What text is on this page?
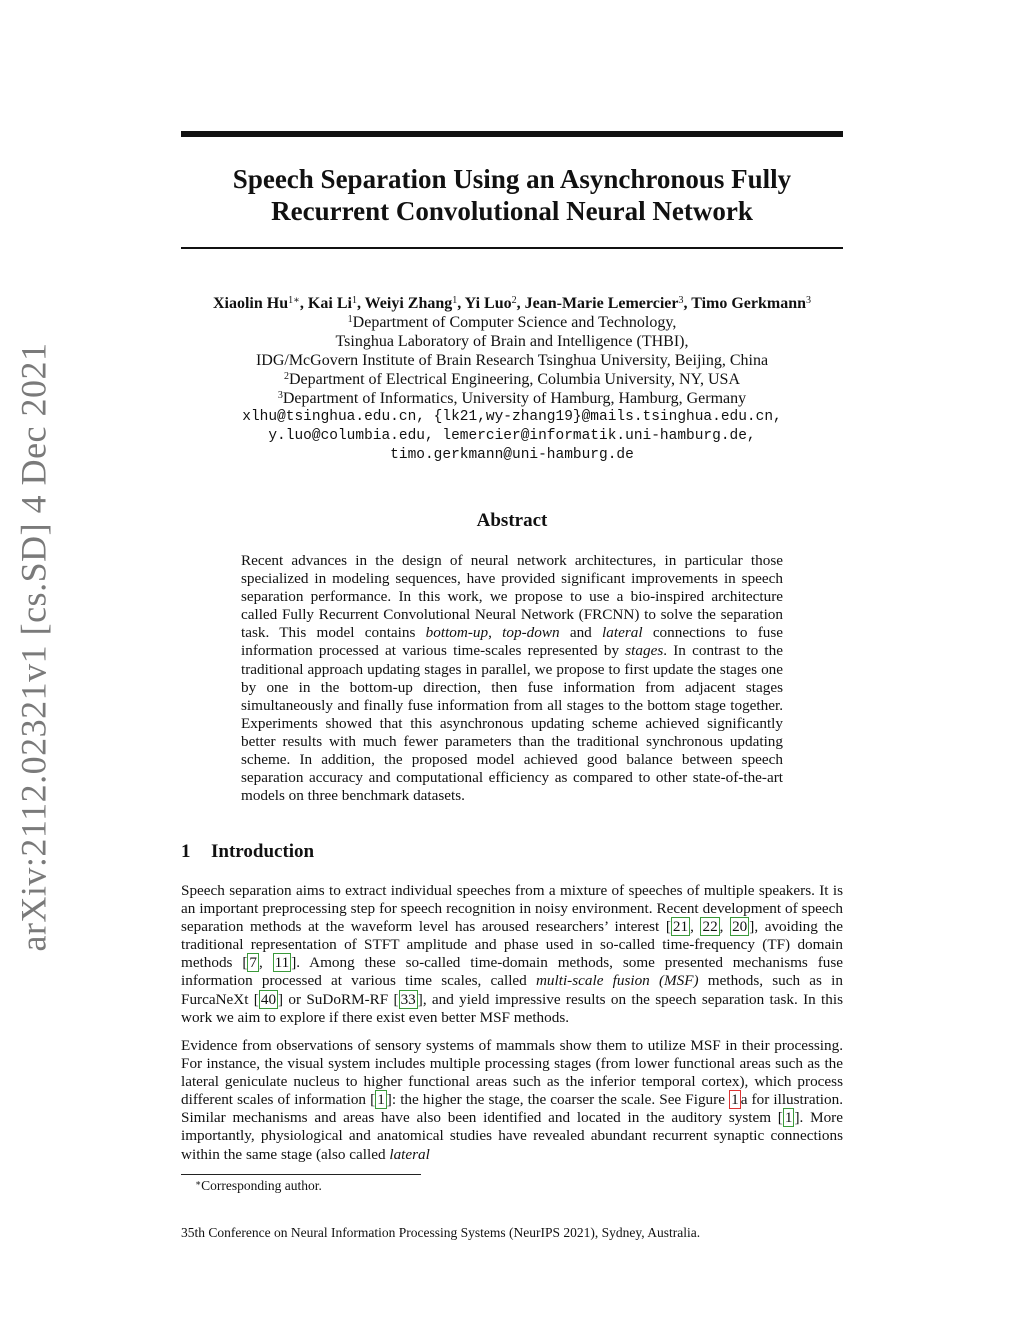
arXiv:2112.02321v1 [cs.SD] 4 Dec 2021
Speech Separation Using an Asynchronous Fully
Recurrent Convolutional Neural Network
Xiaolin $Hu^{1∗}$, Kai Li$^1$, Weiyi Zhang$^1$, Yi Luo$^2$, Jean-Marie Lemercier$^3$, Timo Gerkmann$^3$
$^1$Department of Computer Science and Technology,
Tsinghua Laboratory of Brain and Intelligence (THBI),
IDG/McGovern Institute of Brain Research Tsinghua University, Beijing, China
$^2$Department of Electrical Engineering, Columbia University, NY, USA
$^3$Department of Informatics, University of Hamburg, Hamburg, Germany
xlhu@tsinghua.edu.cn, {lk21,wy-zhang19}@mails.tsinghua.edu.cn,
y.luo@columbia.edu, lemercier@informatik.uni-hamburg.de,
timo.gerkmann@uni-hamburg.de
Abstract

Recent advances in the design of neural network architectures, in particular those specialized in modeling sequences, have provided significant improvements in speech separation performance. In this work, we propose to use a bio-inspired architecture called Fully Recurrent Convolutional Neural Network (FRCNN) to solve the separation task. This model contains bottom-up, top-down and lateral connections to fuse information processed at various time-scales represented by stages. In contrast to the traditional approach updating stages in parallel, we propose to first update the stages one by one in the bottom-up direction, then fuse information from adjacent stages simultaneously and finally fuse information from all stages to the bottom stage together. Experiments showed that this asynchronous updating scheme achieved significantly better results with much fewer parameters than the traditional synchronous updating scheme. In addition, the proposed model achieved good balance between speech separation accuracy and computational efficiency as compared to other state-of-the-art models on three benchmark datasets.

1 Introduction

Speech separation aims to extract individual speeches from a mixture of speeches of multiple speakers. It is an important preprocessing step for speech recognition in noisy environment. Recent development of speech separation methods at the waveform level has aroused researchers’ interest [ 21 , 22 , 20 ], avoiding the traditional representation of STFT amplitude and phase used in so-called time-frequency (TF) domain methods [ 7 , 11 ]. Among these so-called time-domain methods, some presented mechanisms fuse information processed at various time scales, called multi-scale fusion (MSF) methods, such as in FurcaNeXt [ 40 ] or SuDoRM-RF [ 33 ], and yield impressive results on the speech separation task. In this work we aim to explore if there exist even better MSF methods.

Evidence from observations of sensory systems of mammals show them to utilize MSF in their processing. For instance, the visual system includes multiple processing stages (from lower functional areas such as the lateral geniculate nucleus to higher functional areas such as the inferior temporal cortex), which process different scales of information [ 1 ]: the higher the stage, the coarser the scale. See Figure 1 a for illustration. Similar mechanisms and areas have also been identified and located in the auditory system [ 1 ]. More importantly, physiological and anatomical studies have revealed abundant recurrent synaptic connections within the same stage (also called lateral

∗Corresponding author.
35th Conference on Neural Information Processing Systems (NeurIPS 2021), Sydney, Australia.
